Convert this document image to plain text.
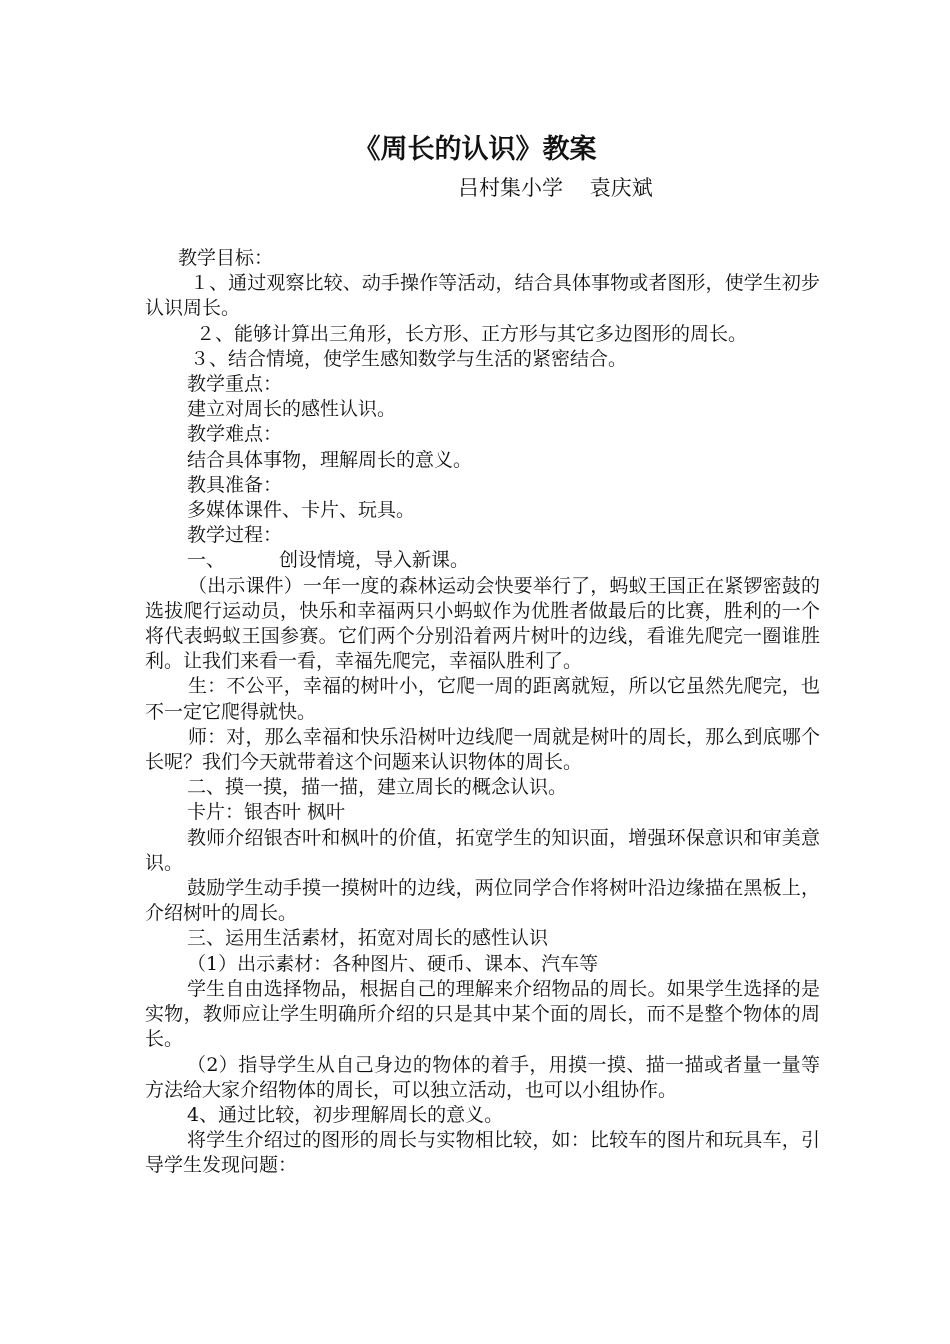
《周长的认识》教案
吕村集小学    袁庆斌

教学目标：

１、通过观察比较、动手操作等活动，结合具体事物或者图形，使学生初步认识周长。

２、能够计算出三角形，长方形、正方形与其它多边图形的周长。

３、结合情境，使学生感知数学与生活的紧密结合。

教学重点：

建立对周长的感性认识。

教学难点：

结合具体事物，理解周长的意义。

教具准备：

多媒体课件、卡片、玩具。

教学过程：

一、	创设情境，导入新课。

（出示课件）一年一度的森林运动会快要举行了，蚂蚁王国正在紧锣密鼓的选拔爬行运动员，快乐和幸福两只小蚂蚁作为优胜者做最后的比赛，胜利的一个将代表蚂蚁王国参赛。它们两个分别沿着两片树叶的边线，看谁先爬完一圈谁胜利。让我们来看一看，幸福先爬完，幸福队胜利了。

生：不公平，幸福的树叶小，它爬一周的距离就短，所以它虽然先爬完，也不一定它爬得就快。

师：对，那么幸福和快乐沿树叶边线爬一周就是树叶的周长，那么到底哪个长呢？我们今天就带着这个问题来认识物体的周长。

二、摸一摸，描一描，建立周长的概念认识。

卡片：银杏叶 枫叶

教师介绍银杏叶和枫叶的价值，拓宽学生的知识面，增强环保意识和审美意识。

鼓励学生动手摸一摸树叶的边线，两位同学合作将树叶沿边缘描在黑板上，介绍树叶的周长。

三、运用生活素材，拓宽对周长的感性认识

（1）出示素材：各种图片、硬币、课本、汽车等

学生自由选择物品，根据自己的理解来介绍物品的周长。如果学生选择的是实物，教师应让学生明确所介绍的只是其中某个面的周长，而不是整个物体的周长。

（2）指导学生从自己身边的物体的着手，用摸一摸、描一描或者量一量等方法给大家介绍物体的周长，可以独立活动，也可以小组协作。

4、通过比较，初步理解周长的意义。

将学生介绍过的图形的周长与实物相比较，如：比较车的图片和玩具车，引导学生发现问题：
